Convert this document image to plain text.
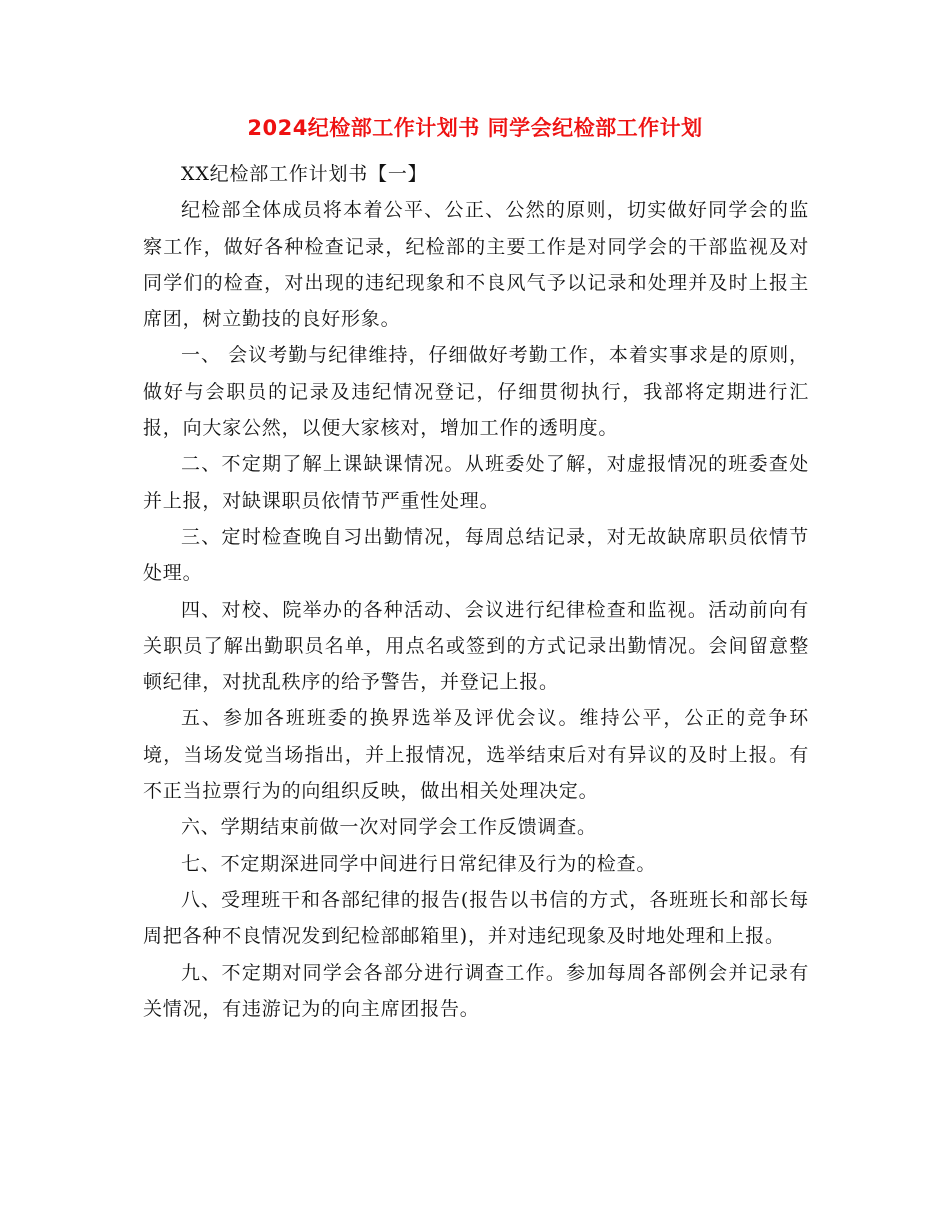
2024纪检部工作计划书 同学会纪检部工作计划

XX纪检部工作计划书【一】

纪检部全体成员将本着公平、公正、公然的原则，切实做好同学会的监察工作，做好各种检查记录，纪检部的主要工作是对同学会的干部监视及对同学们的检查，对出现的违纪现象和不良风气予以记录和处理并及时上报主席团，树立勤技的良好形象。

一、 会议考勤与纪律维持，仔细做好考勤工作，本着实事求是的原则，做好与会职员的记录及违纪情况登记，仔细贯彻执行，我部将定期进行汇报，向大家公然，以便大家核对，增加工作的透明度。

二、不定期了解上课缺课情况。从班委处了解，对虚报情况的班委查处并上报，对缺课职员依情节严重性处理。

三、定时检查晚自习出勤情况，每周总结记录，对无故缺席职员依情节处理。

四、对校、院举办的各种活动、会议进行纪律检查和监视。活动前向有关职员了解出勤职员名单，用点名或签到的方式记录出勤情况。会间留意整顿纪律，对扰乱秩序的给予警告，并登记上报。

五、参加各班班委的换界选举及评优会议。维持公平，公正的竞争环境，当场发觉当场指出，并上报情况，选举结束后对有异议的及时上报。有不正当拉票行为的向组织反映，做出相关处理决定。

六、学期结束前做一次对同学会工作反馈调查。

七、不定期深进同学中间进行日常纪律及行为的检查。

八、受理班干和各部纪律的报告(报告以书信的方式，各班班长和部长每周把各种不良情况发到纪检部邮箱里)，并对违纪现象及时地处理和上报。

九、不定期对同学会各部分进行调查工作。参加每周各部例会并记录有关情况，有违游记为的向主席团报告。
